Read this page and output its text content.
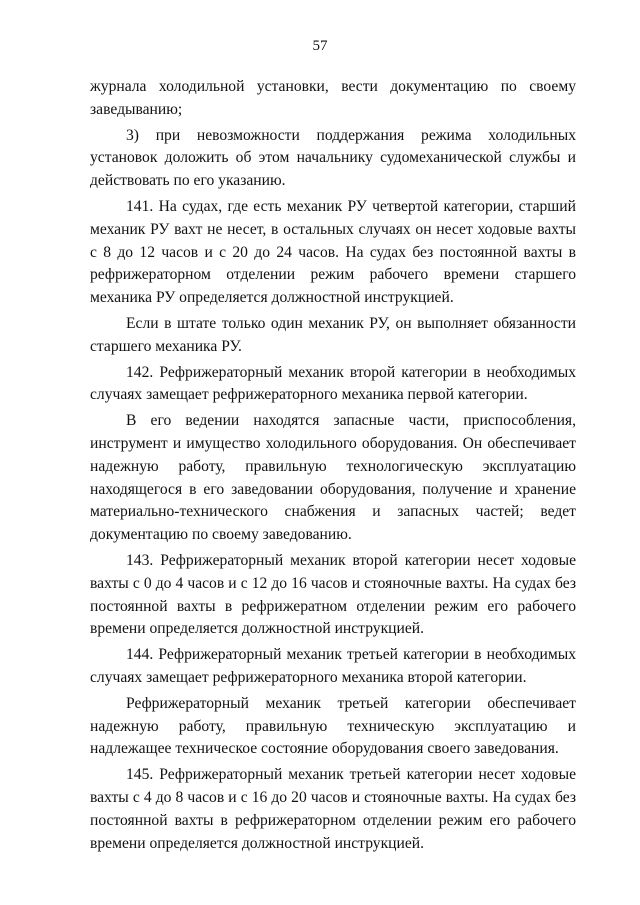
57

журнала холодильной установки, вести документацию по своему заведыванию;

3) при невозможности поддержания режима холодильных установок доложить об этом начальнику судомеханической службы и действовать по его указанию.

141. На судах, где есть механик РУ четвертой категории, старший механик РУ вахт не несет, в остальных случаях он несет ходовые вахты с 8 до 12 часов и с 20 до 24 часов. На судах без постоянной вахты в рефрижераторном отделении режим рабочего времени старшего механика РУ определяется должностной инструкцией.

Если в штате только один механик РУ, он выполняет обязанности старшего механика РУ.

142. Рефрижераторный механик второй категории в необходимых случаях замещает рефрижераторного механика первой категории.

В его ведении находятся запасные части, приспособления, инструмент и имущество холодильного оборудования. Он обеспечивает надежную работу, правильную технологическую эксплуатацию находящегося в его заведовании оборудования, получение и хранение материально-технического снабжения и запасных частей; ведет документацию по своему заведованию.

143. Рефрижераторный механик второй категории несет ходовые вахты с 0 до 4 часов и с 12 до 16 часов и стояночные вахты. На судах без постоянной вахты в рефрижератном отделении режим его рабочего времени определяется должностной инструкцией.

144. Рефрижераторный механик третьей категории в необходимых случаях замещает рефрижераторного механика второй категории.

Рефрижераторный механик третьей категории обеспечивает надежную работу, правильную техническую эксплуатацию и надлежащее техническое состояние оборудования своего заведования.

145. Рефрижераторный механик третьей категории несет ходовые вахты с 4 до 8 часов и с 16 до 20 часов и стояночные вахты. На судах без постоянной вахты в рефрижераторном отделении режим его рабочего времени определяется должностной инструкцией.
